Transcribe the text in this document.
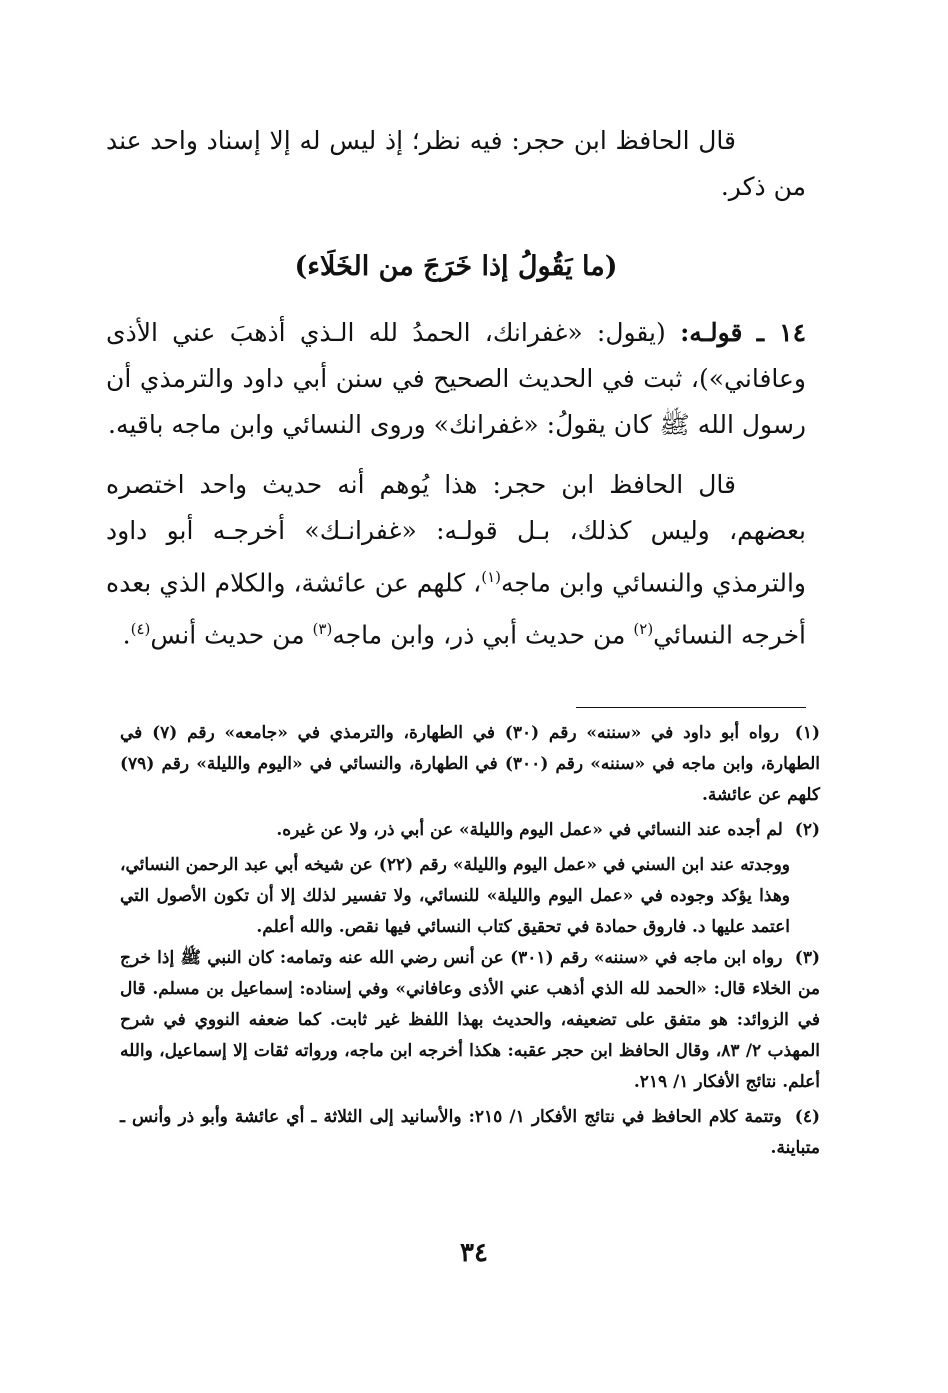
قال الحافظ ابن حجر: فيه نظر؛ إذ ليس له إلا إسناد واحد عند من ذكر.

(ما يَقُولُ إذا خَرَجَ من الخَلَاء)

١٤ ـ قولـه: (يقول: «غفرانك، الحمدُ لله الـذي أذهبَ عني الأذى وعافاني»)، ثبت في الحديث الصحيح في سنن أبي داود والترمذي أن رسول الله ﷺ كان يقولُ: «غفرانك» وروى النسائي وابن ماجه باقيه.

قال الحافظ ابن حجر: هذا يُوهم أنه حديث واحد اختصره بعضهم، وليس كذلك، بـل قولـه: «غفرانـك» أخرجـه أبو داود والترمذي والنسائي وابن ماجه$^{(١)}$، كلهم عن عائشة، والكلام الذي بعده أخرجه النسائي$^{(٢)}$ من حديث أبي ذر، وابن ماجه$^{(٣)}$ من حديث أنس$^{(٤)}$.

(١) رواه أبو داود في «سننه» رقم (٣٠) في الطهارة، والترمذي في «جامعه» رقم (٧) في الطهارة، وابن ماجه في «سننه» رقم (٣٠٠) في الطهارة، والنسائي في «اليوم والليلة» رقم (٧٩) كلهم عن عائشة.

(٢) لم أجده عند النسائي في «عمل اليوم والليلة» عن أبي ذر، ولا عن غيره.

ووجدته عند ابن السني في «عمل اليوم والليلة» رقم (٢٢) عن شيخه أبي عبد الرحمن النسائي، وهذا يؤكد وجوده في «عمل اليوم والليلة» للنسائي، ولا تفسير لذلك إلا أن تكون الأصول التي اعتمد عليها د. فاروق حمادة في تحقيق كتاب النسائي فيها نقص. والله أعلم.

(٣) رواه ابن ماجه في «سننه» رقم (٣٠١) عن أنس رضي الله عنه وتمامه: كان النبي ﷺ إذا خرج من الخلاء قال: «الحمد لله الذي أذهب عني الأذى وعافاني» وفي إسناده: إسماعيل بن مسلم. قال في الزوائد: هو متفق على تضعيفه، والحديث بهذا اللفظ غير ثابت. كما ضعفه النووي في شرح المهذب ٢/ ٨٣، وقال الحافظ ابن حجر عقبه: هكذا أخرجه ابن ماجه، ورواته ثقات إلا إسماعيل، والله أعلم. نتائج الأفكار ١/ ٢١٩.

(٤) وتتمة كلام الحافظ في نتائج الأفكار ١/ ٢١٥: والأسانيد إلى الثلاثة ـ أي عائشة وأبو ذر وأنس ـ متباينة.

٣٤
